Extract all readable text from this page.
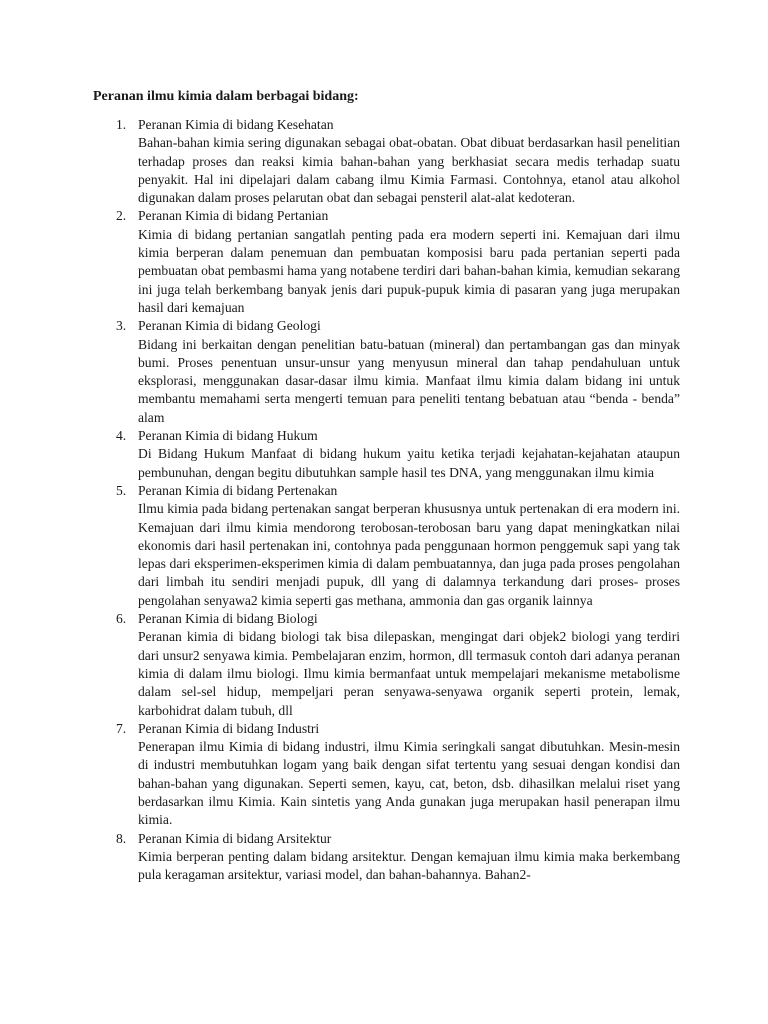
Peranan ilmu kimia dalam berbagai bidang:
1. Peranan Kimia di bidang Kesehatan
Bahan-bahan kimia sering digunakan sebagai obat-obatan. Obat dibuat berdasarkan hasil penelitian terhadap proses dan reaksi kimia bahan-bahan yang berkhasiat secara medis terhadap suatu penyakit. Hal ini dipelajari dalam cabang ilmu Kimia Farmasi. Contohnya, etanol atau alkohol digunakan dalam proses pelarutan obat dan sebagai pensteril alat-alat kedoteran.
2. Peranan Kimia di bidang Pertanian
Kimia di bidang pertanian sangatlah penting pada era modern seperti ini. Kemajuan dari ilmu kimia berperan dalam penemuan dan pembuatan komposisi baru pada pertanian seperti pada pembuatan obat pembasmi hama yang notabene terdiri dari bahan-bahan kimia, kemudian sekarang ini juga telah berkembang banyak jenis dari pupuk-pupuk kimia di pasaran yang juga merupakan hasil dari kemajuan
3. Peranan Kimia di bidang Geologi
Bidang ini berkaitan dengan penelitian batu-batuan (mineral) dan pertambangan gas dan minyak bumi. Proses penentuan unsur-unsur yang menyusun mineral dan tahap pendahuluan untuk eksplorasi, menggunakan dasar-dasar ilmu kimia. Manfaat ilmu kimia dalam bidang ini untuk membantu memahami serta mengerti temuan para peneliti tentang bebatuan atau “benda - benda” alam
4. Peranan Kimia di bidang Hukum
Di Bidang Hukum Manfaat di bidang hukum yaitu ketika terjadi kejahatan-kejahatan ataupun pembunuhan, dengan begitu dibutuhkan sample hasil tes DNA, yang menggunakan ilmu kimia
5. Peranan Kimia di bidang Pertenakan
Ilmu kimia pada bidang pertenakan sangat berperan khususnya untuk pertenakan di era modern ini. Kemajuan dari ilmu kimia mendorong terobosan-terobosan baru yang dapat meningkatkan nilai ekonomis dari hasil pertenakan ini, contohnya pada penggunaan hormon penggemuk sapi yang tak lepas dari eksperimen-eksperimen kimia di dalam pembuatannya, dan juga pada proses pengolahan dari limbah itu sendiri menjadi pupuk, dll yang di dalamnya terkandung dari proses- proses pengolahan senyawa2 kimia seperti gas methana, ammonia dan gas organik lainnya
6. Peranan Kimia di bidang Biologi
Peranan kimia di bidang biologi tak bisa dilepaskan, mengingat dari objek2 biologi yang terdiri dari unsur2 senyawa kimia. Pembelajaran enzim, hormon, dll termasuk contoh dari adanya peranan kimia di dalam ilmu biologi. Ilmu kimia bermanfaat untuk mempelajari mekanisme metabolisme dalam sel-sel hidup, mempeljari peran senyawa-senyawa organik seperti protein, lemak, karbohidrat dalam tubuh, dll
7. Peranan Kimia di bidang Industri
Penerapan ilmu Kimia di bidang industri, ilmu Kimia seringkali sangat dibutuhkan. Mesin-mesin di industri membutuhkan logam yang baik dengan sifat tertentu yang sesuai dengan kondisi dan bahan-bahan yang digunakan. Seperti semen, kayu, cat, beton, dsb. dihasilkan melalui riset yang berdasarkan ilmu Kimia. Kain sintetis yang Anda gunakan juga merupakan hasil penerapan ilmu kimia.
8. Peranan Kimia di bidang Arsitektur
Kimia berperan penting dalam bidang arsitektur. Dengan kemajuan ilmu kimia maka berkembang pula keragaman arsitektur, variasi model, dan bahan-bahannya. Bahan2-
